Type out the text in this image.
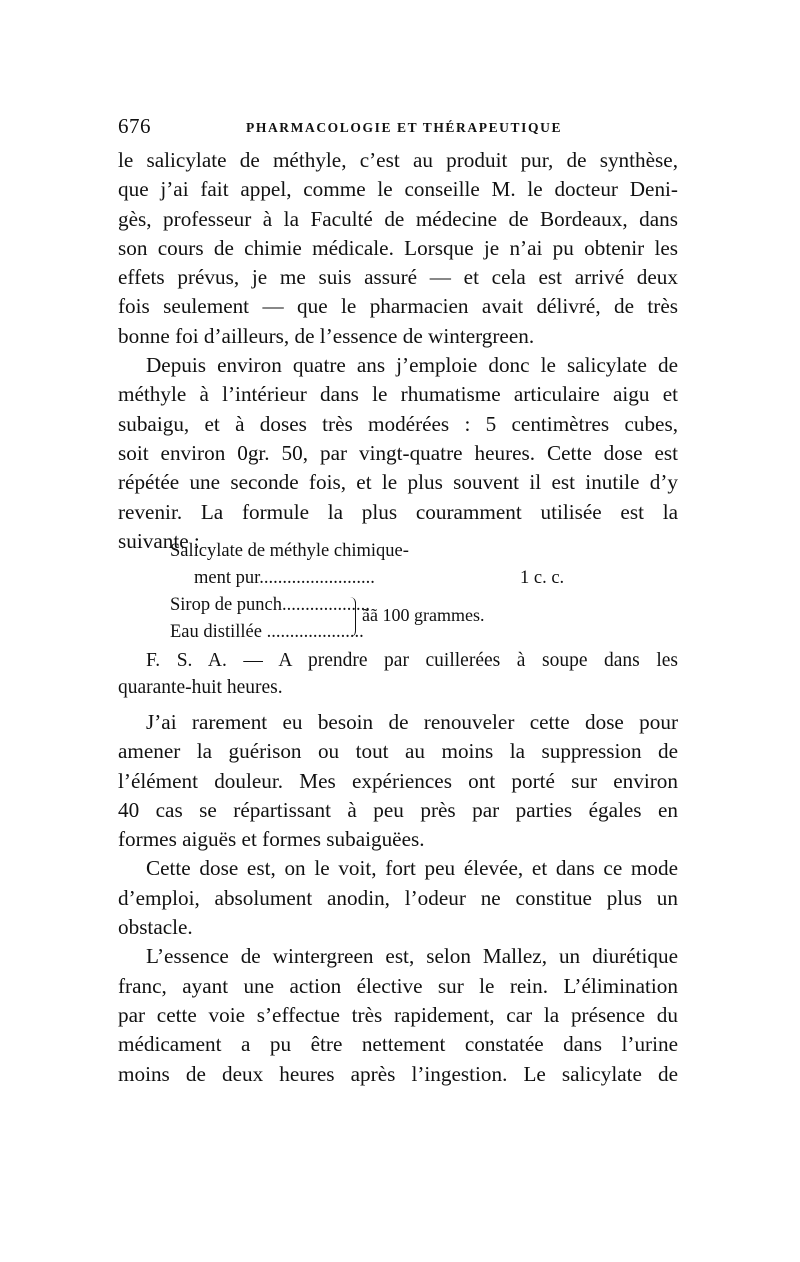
676	PHARMACOLOGIE ET THÉRAPEUTIQUE

le salicylate de méthyle, c’est au produit pur, de synthèse,

que j’ai fait appel, comme le conseille M. le docteur Deni-

gès, professeur à la Faculté de médecine de Bordeaux, dans

son cours de chimie médicale. Lorsque je n’ai pu obtenir les

effets prévus, je me suis assuré — et cela est arrivé deux

fois seulement — que le pharmacien avait délivré, de très

bonne foi d’ailleurs, de l’essence de wintergreen.

Depuis environ quatre ans j’emploie donc le salicylate de

méthyle à l’intérieur dans le rhumatisme articulaire aigu et

subaigu, et à doses très modérées : 5 centimètres cubes,

soit environ 0gr. 50, par vingt-quatre heures. Cette dose est

répétée une seconde fois, et le plus souvent il est inutile d’y

revenir. La formule la plus couramment utilisée est la

suivante :

Salicylate de méthyle chimique-
ment pur.........................	1 c. c.
Sirop de punch...................
Eau distillée .....................
ãã 100 grammes.

F. S. A. — A prendre par cuillerées à soupe dans les

quarante-huit heures.

J’ai rarement eu besoin de renouveler cette dose pour

amener la guérison ou tout au moins la suppression de

l’élément douleur. Mes expériences ont porté sur environ

40 cas se répartissant à peu près par parties égales en

formes aiguës et formes subaiguëes.

Cette dose est, on le voit, fort peu élevée, et dans ce mode

d’emploi, absolument anodin, l’odeur ne constitue plus un

obstacle.

L’essence de wintergreen est, selon Mallez, un diurétique

franc, ayant une action élective sur le rein. L’élimination

par cette voie s’effectue très rapidement, car la présence du

médicament a pu être nettement constatée dans l’urine

moins de deux heures après l’ingestion. Le salicylate de
